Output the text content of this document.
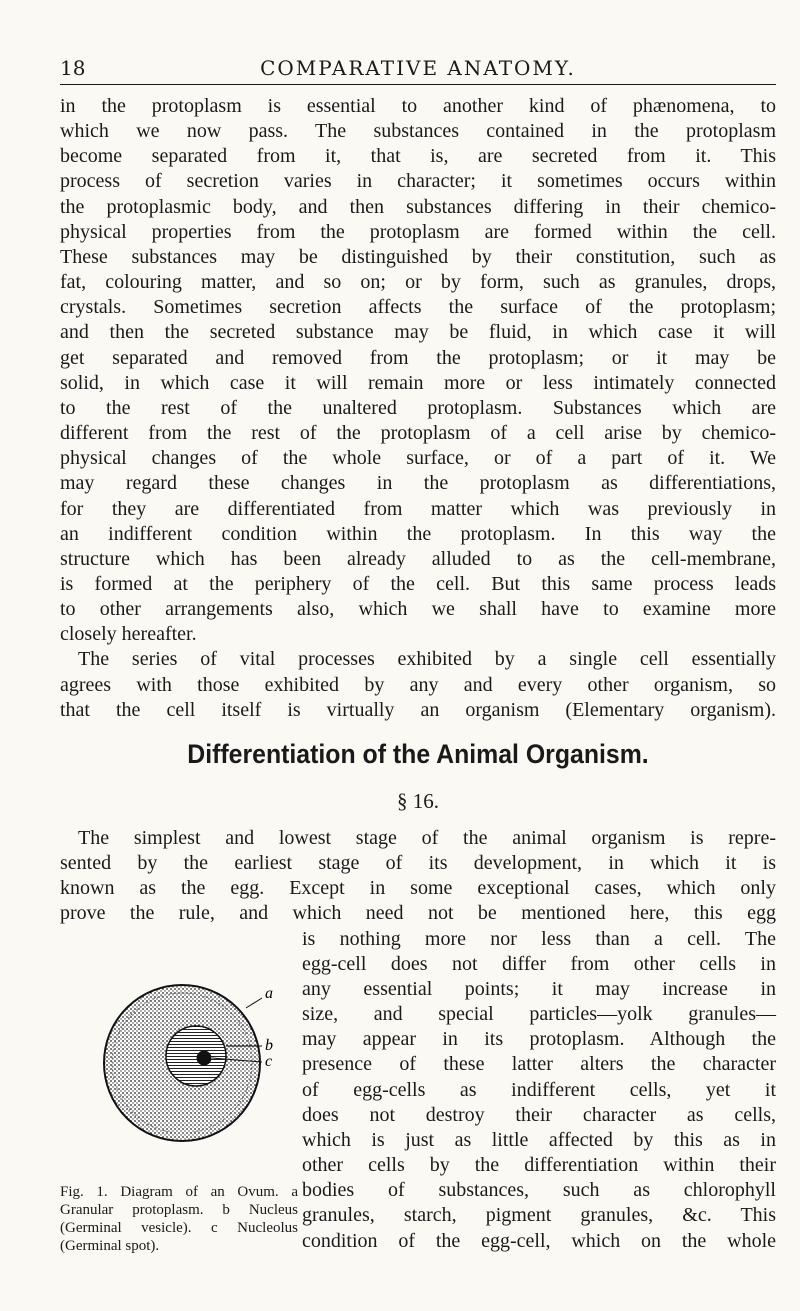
18	COMPARATIVE ANATOMY.
in the protoplasm is essential to another kind of phænomena, to
which we now pass. The substances contained in the protoplasm
become separated from it, that is, are secreted from it. This
process of secretion varies in character; it sometimes occurs within
the protoplasmic body, and then substances differing in their chemico-
physical properties from the protoplasm are formed within the cell.
These substances may be distinguished by their constitution, such as
fat, colouring matter, and so on; or by form, such as granules, drops,
crystals. Sometimes secretion affects the surface of the protoplasm;
and then the secreted substance may be fluid, in which case it will
get separated and removed from the protoplasm; or it may be
solid, in which case it will remain more or less intimately connected
to the rest of the unaltered protoplasm. Substances which are
different from the rest of the protoplasm of a cell arise by chemico-
physical changes of the whole surface, or of a part of it. We
may regard these changes in the protoplasm as differentiations,
for they are differentiated from matter which was previously in
an indifferent condition within the protoplasm. In this way the
structure which has been already alluded to as the cell-membrane,
is formed at the periphery of the cell. But this same process leads
to other arrangements also, which we shall have to examine more
closely hereafter.
The series of vital processes exhibited by a single cell essentially
agrees with those exhibited by any and every other organism, so
that the cell itself is virtually an organism (Elementary organism).
Differentiation of the Animal Organism.
§ 16.
The simplest and lowest stage of the animal organism is repre-
sented by the earliest stage of its development, in which it is
known as the egg. Except in some exceptional cases, which only
prove the rule, and which need not be mentioned here, this egg
is nothing more nor less than a cell. The
egg-cell does not differ from other cells in
any essential points; it may increase in
size, and special particles—yolk granules—
may appear in its protoplasm. Although the
presence of these latter alters the character
of egg-cells as indifferent cells, yet it
does not destroy their character as cells,
which is just as little affected by this as in
other cells by the differentiation within their
bodies of substances, such as chlorophyll
granules, starch, pigment granules, &c. This
condition of the egg-cell, which on the whole
a
b
c
Fig. 1. Diagram of an Ovum. a Granular protoplasm. b Nucleus (Germinal vesicle). c Nucleolus (Germinal spot).
